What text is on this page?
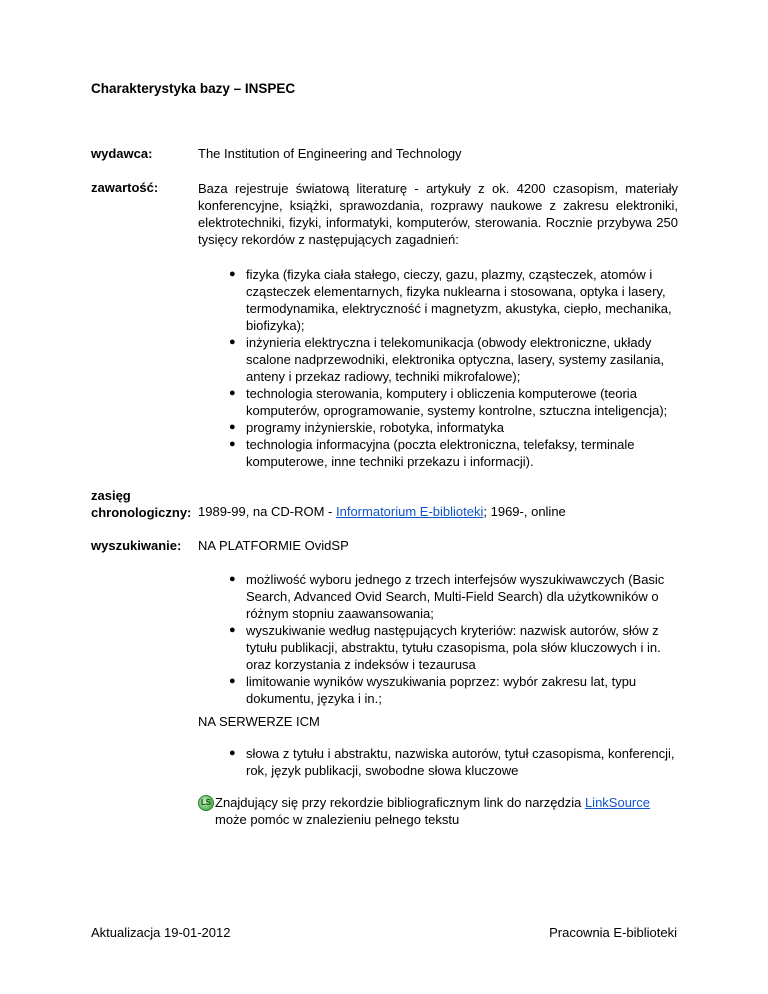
Charakterystyka bazy – INSPEC
wydawca:	The Institution of Engineering and Technology
zawartość:	Baza rejestruje światową literaturę - artykuły z ok. 4200 czasopism, materiały konferencyjne, książki, sprawozdania, rozprawy naukowe z zakresu elektroniki, elektrotechniki, fizyki, informatyki, komputerów, sterowania. Rocznie przybywa 250 tysięcy rekordów z następujących zagadnień:
● fizyka (fizyka ciała stałego, cieczy, gazu, plazmy, cząsteczek, atomów i cząsteczek elementarnych, fizyka nuklearna i stosowana, optyka i lasery, termodynamika, elektryczność i magnetyzm, akustyka, ciepło, mechanika, biofizyka);
● inżynieria elektryczna i telekomunikacja (obwody elektroniczne, układy scalone nadprzewodniki, elektronika optyczna, lasery, systemy zasilania, anteny i przekaz radiowy, techniki mikrofalowe);
● technologia sterowania, komputery i obliczenia komputerowe (teoria komputerów, oprogramowanie, systemy kontrolne, sztuczna inteligencja);
● programy inżynierskie, robotyka, informatyka
● technologia informacyjna (poczta elektroniczna, telefaksy, terminale komputerowe, inne techniki przekazu i informacji).
zasięg
chronologiczny: 1989-99, na CD-ROM - Informatorium E-biblioteki; 1969-, online
wyszukiwanie: NA PLATFORMIE OvidSP
● możliwość wyboru jednego z trzech interfejsów wyszukiwawczych (Basic Search, Advanced Ovid Search, Multi-Field Search) dla użytkowników o różnym stopniu zaawansowania;
● wyszukiwanie według następujących kryteriów: nazwisk autorów, słów z tytułu publikacji, abstraktu, tytułu czasopisma, pola słów kluczowych i in. oraz korzystania z indeksów i tezaurusa
● limitowanie wyników wyszukiwania poprzez: wybór zakresu lat, typu dokumentu, języka i in.;
NA SERWERZE ICM
● słowa z tytułu i abstraktu, nazwiska autorów, tytuł czasopisma, konferencji, rok, język publikacji, swobodne słowa kluczowe
LS Znajdujący się przy rekordzie bibliograficznym link do narzędzia LinkSource
może pomóc w znalezieniu pełnego tekstu
Aktualizacja 19-01-2012	Pracownia E-biblioteki
